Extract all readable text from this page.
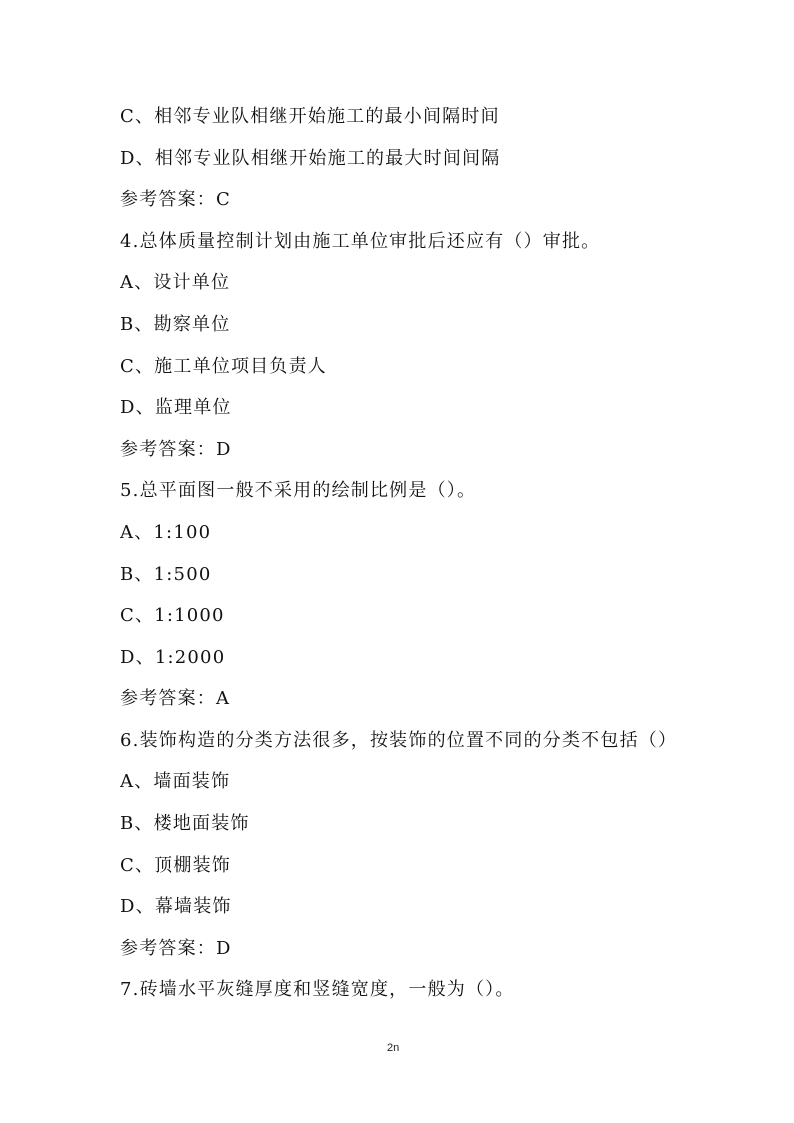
C、相邻专业队相继开始施工的最小间隔时间
D、相邻专业队相继开始施工的最大时间间隔
参考答案：C
4.总体质量控制计划由施工单位审批后还应有（）审批。
A、设计单位
B、勘察单位
C、施工单位项目负责人
D、监理单位
参考答案：D
5.总平面图一般不采用的绘制比例是（）。
A、1:100
B、1:500
C、1:1000
D、1:2000
参考答案：A
6.装饰构造的分类方法很多，按装饰的位置不同的分类不包括（）
A、墙面装饰
B、楼地面装饰
C、顶棚装饰
D、幕墙装饰
参考答案：D
7.砖墙水平灰缝厚度和竖缝宽度，一般为（）。
2n
